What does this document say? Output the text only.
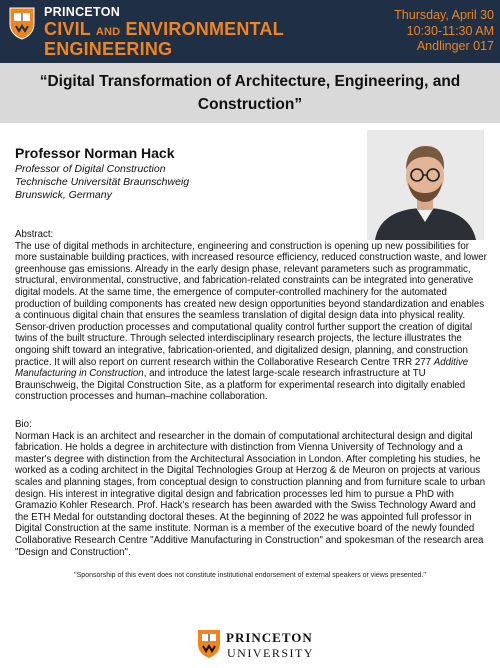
PRINCETON
CIVIL AND ENVIRONMENTAL
ENGINEERING
Thursday, April 30
10:30-11:30 AM
Andlinger 017
“Digital Transformation of Architecture, Engineering, and Construction”
Professor Norman Hack
Professor of Digital Construction
Technische Universität Braunschweig
Brunswick, Germany
Abstract:
The use of digital methods in architecture, engineering and construction is opening up new possibilities for more sustainable building practices, with increased resource efficiency, reduced construction waste, and lower greenhouse gas emissions. Already in the early design phase, relevant parameters such as programmatic, structural, environmental, constructive, and fabrication-related constraints can be integrated into generative digital models. At the same time, the emergence of computer-controlled machinery for the automated production of building components has created new design opportunities beyond standardization and enables a continuous digital chain that ensures the seamless translation of digital design data into physical reality. Sensor-driven production processes and computational quality control further support the creation of digital twins of the built structure. Through selected interdisciplinary research projects, the lecture illustrates the ongoing shift toward an integrative, fabrication-oriented, and digitalized design, planning, and construction practice. It will also report on current research within the Collaborative Research Centre TRR 277 Additive Manufacturing in Construction, and introduce the latest large-scale research infrastructure at TU Braunschweig, the Digital Construction Site, as a platform for experimental research into digitally enabled construction processes and human–machine collaboration.
Bio:
Norman Hack is an architect and researcher in the domain of computational architectural design and digital fabrication. He holds a degree in architecture with distinction from Vienna University of Technology and a master's degree with distinction from the Architectural Association in London. After completing his studies, he worked as a coding architect in the Digital Technologies Group at Herzog & de Meuron on projects at various scales and planning stages, from conceptual design to construction planning and from furniture scale to urban design. His interest in integrative digital design and fabrication processes led him to pursue a PhD with Gramazio Kohler Research. Prof. Hack's research has been awarded with the Swiss Technology Award and the ETH Medal for outstanding doctoral theses. At the beginning of 2022 he was appointed full professor in Digital Construction at the same institute. Norman is a member of the executive board of the newly founded Collaborative Research Centre "Additive Manufacturing in Construction" and spokesman of the research area "Design and Construction".
"Sponsorship of this event does not constitute institutional endorsement of external speakers or views presented."
PRINCETON
UNIVERSITY
